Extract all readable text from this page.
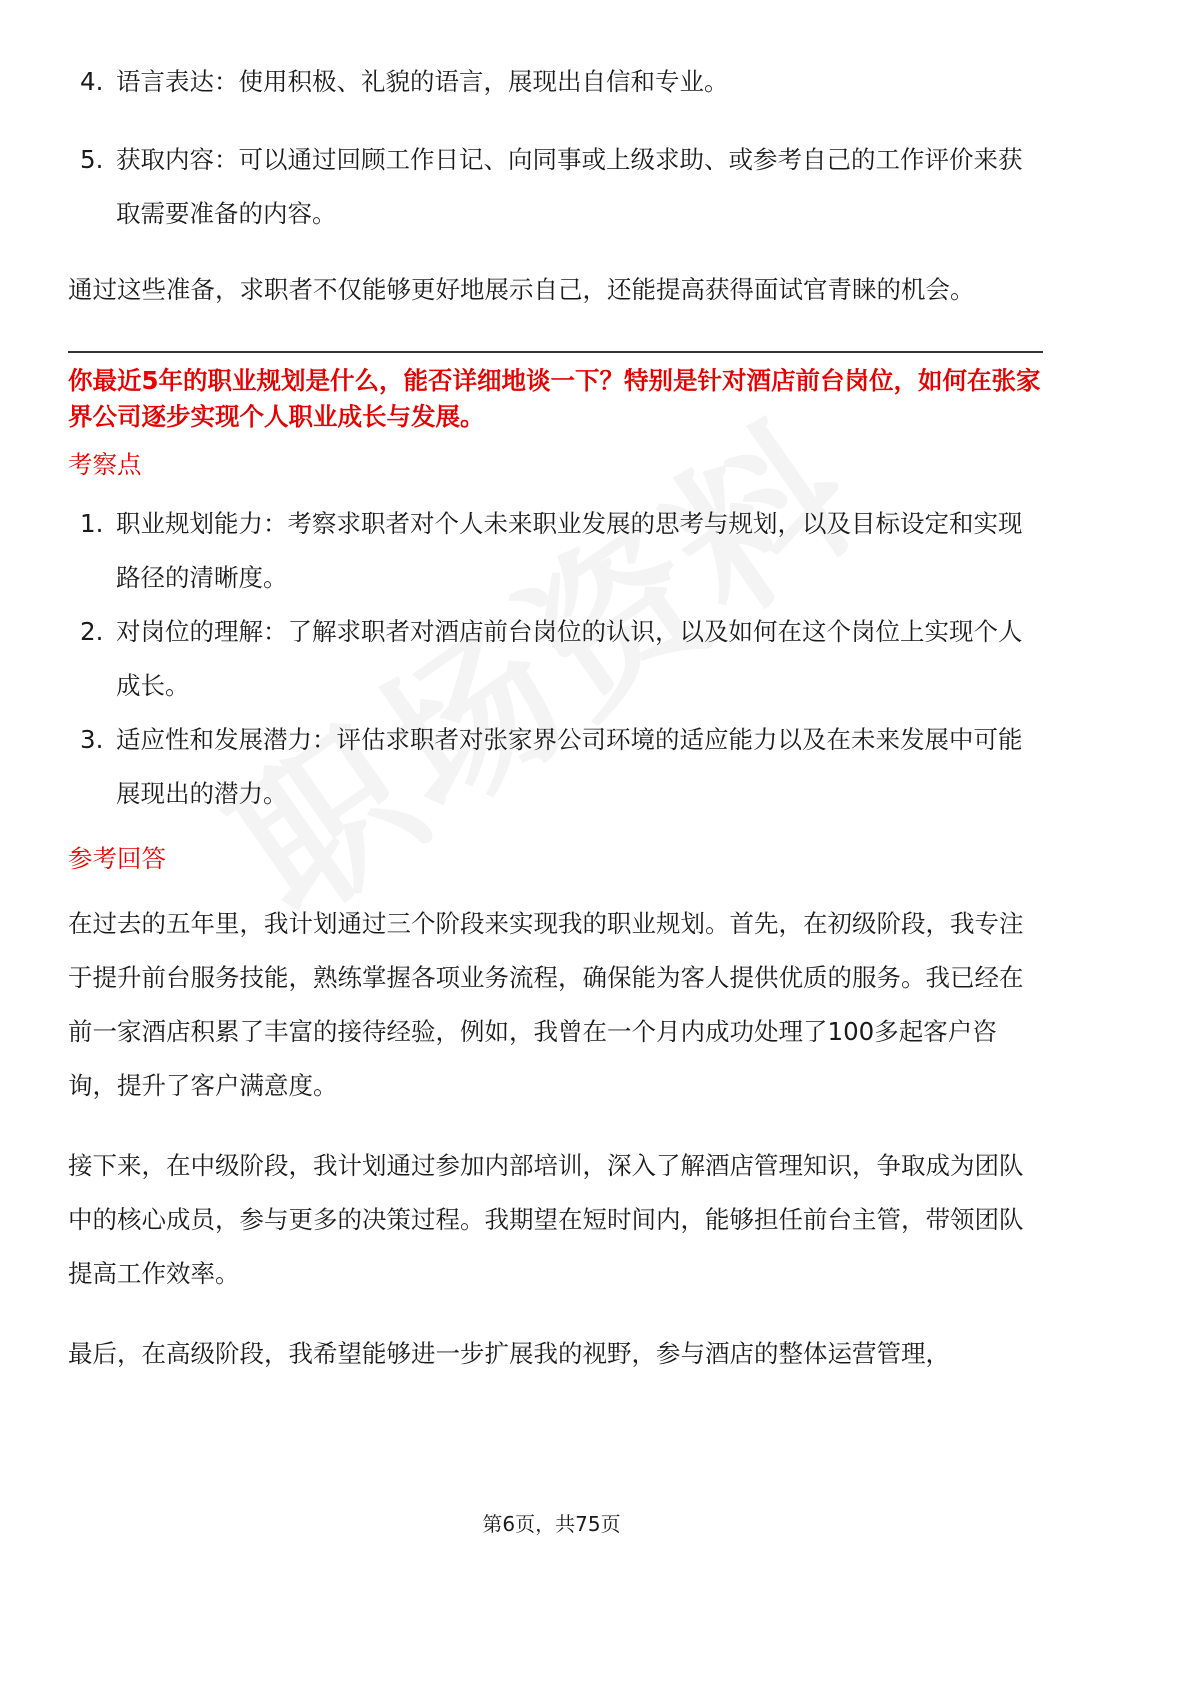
4. 语言表达：使用积极、礼貌的语言，展现出自信和专业。
5. 获取内容：可以通过回顾工作日记、向同事或上级求助、或参考自己的工作评价来获取需要准备的内容。

通过这些准备，求职者不仅能够更好地展示自己，还能提高获得面试官青睐的机会。

你最近5年的职业规划是什么，能否详细地谈一下？特别是针对酒店前台岗位，如何在张家界公司逐步实现个人职业成长与发展。

考察点

1. 职业规划能力：考察求职者对个人未来职业发展的思考与规划，以及目标设定和实现路径的清晰度。
2. 对岗位的理解：了解求职者对酒店前台岗位的认识，以及如何在这个岗位上实现个人成长。
3. 适应性和发展潜力：评估求职者对张家界公司环境的适应能力以及在未来发展中可能展现出的潜力。

参考回答

在过去的五年里，我计划通过三个阶段来实现我的职业规划。首先，在初级阶段，我专注于提升前台服务技能，熟练掌握各项业务流程，确保能为客人提供优质的服务。我已经在前一家酒店积累了丰富的接待经验，例如，我曾在一个月内成功处理了100多起客户咨询，提升了客户满意度。

接下来，在中级阶段，我计划通过参加内部培训，深入了解酒店管理知识，争取成为团队中的核心成员，参与更多的决策过程。我期望在短时间内，能够担任前台主管，带领团队提高工作效率。

最后，在高级阶段，我希望能够进一步扩展我的视野，参与酒店的整体运营管理，

第6页，共75页
